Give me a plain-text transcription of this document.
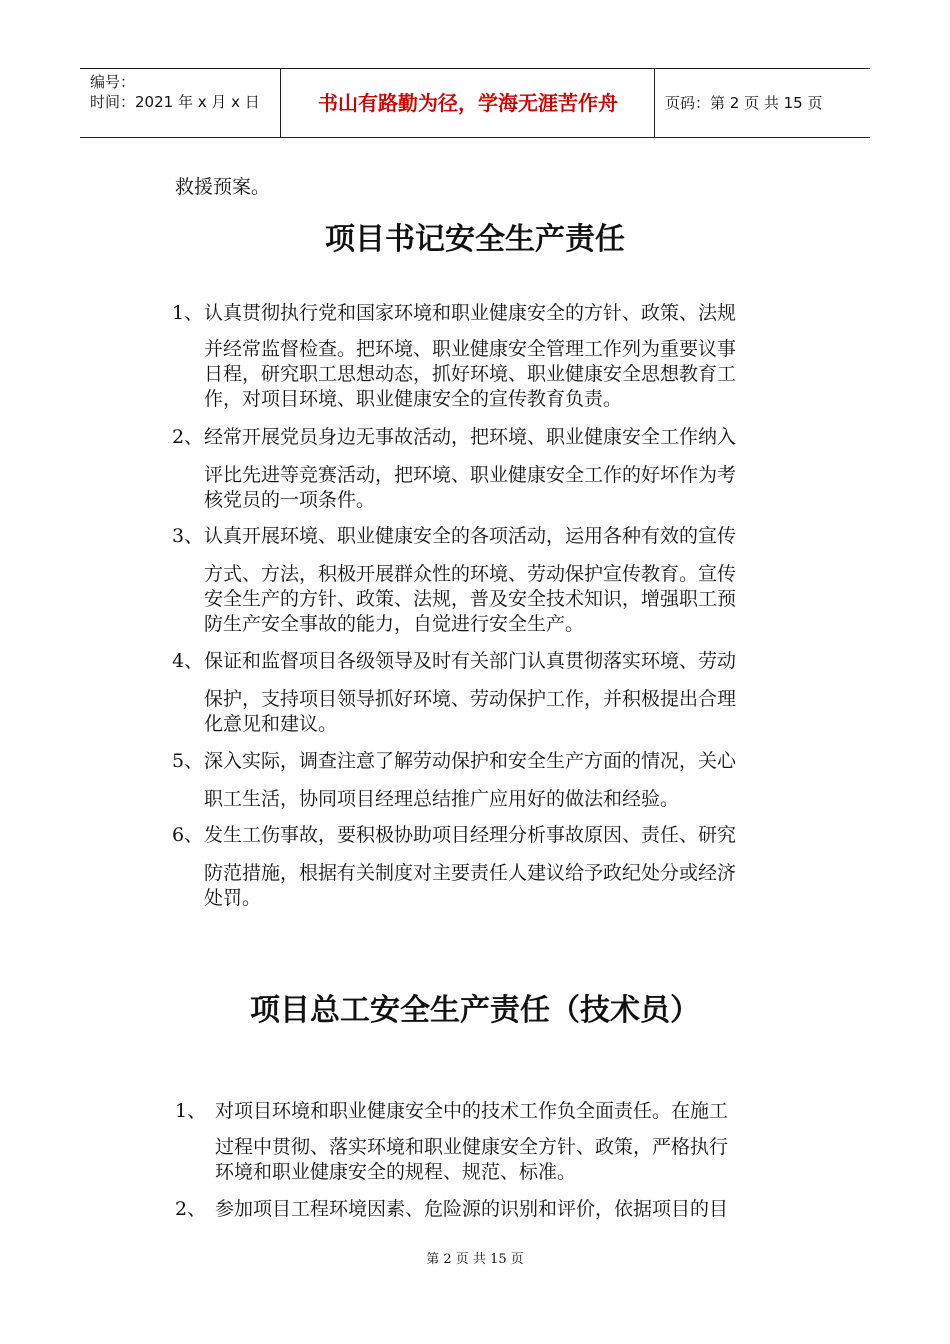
编号：
时间：2021 年 x 月 x 日	书山有路勤为径，学海无涯苦作舟	页码：第 2 页 共 15 页
救援预案。
项目书记安全生产责任
1、 认真贯彻执行党和国家环境和职业健康安全的方针、政策、法规
并经常监督检查。把环境、职业健康安全管理工作列为重要议事
日程，研究职工思想动态，抓好环境、职业健康安全思想教育工
作，对项目环境、职业健康安全的宣传教育负责。
2、 经常开展党员身边无事故活动，把环境、职业健康安全工作纳入
评比先进等竞赛活动，把环境、职业健康安全工作的好坏作为考
核党员的一项条件。
3、 认真开展环境、职业健康安全的各项活动，运用各种有效的宣传
方式、方法，积极开展群众性的环境、劳动保护宣传教育。宣传
安全生产的方针、政策、法规，普及安全技术知识，增强职工预
防生产安全事故的能力，自觉进行安全生产。
4、 保证和监督项目各级领导及时有关部门认真贯彻落实环境、劳动
保护，支持项目领导抓好环境、劳动保护工作，并积极提出合理
化意见和建议。
5、 深入实际，调查注意了解劳动保护和安全生产方面的情况，关心
职工生活，协同项目经理总结推广应用好的做法和经验。
6、 发生工伤事故，要积极协助项目经理分析事故原因、责任、研究
防范措施，根据有关制度对主要责任人建议给予政纪处分或经济
处罚。
项目总工安全生产责任（技术员）
1、 对项目环境和职业健康安全中的技术工作负全面责任。在施工
过程中贯彻、落实环境和职业健康安全方针、政策，严格执行
环境和职业健康安全的规程、规范、标准。
2、 参加项目工程环境因素、危险源的识别和评价，依据项目的目
第 2 页 共 15 页
